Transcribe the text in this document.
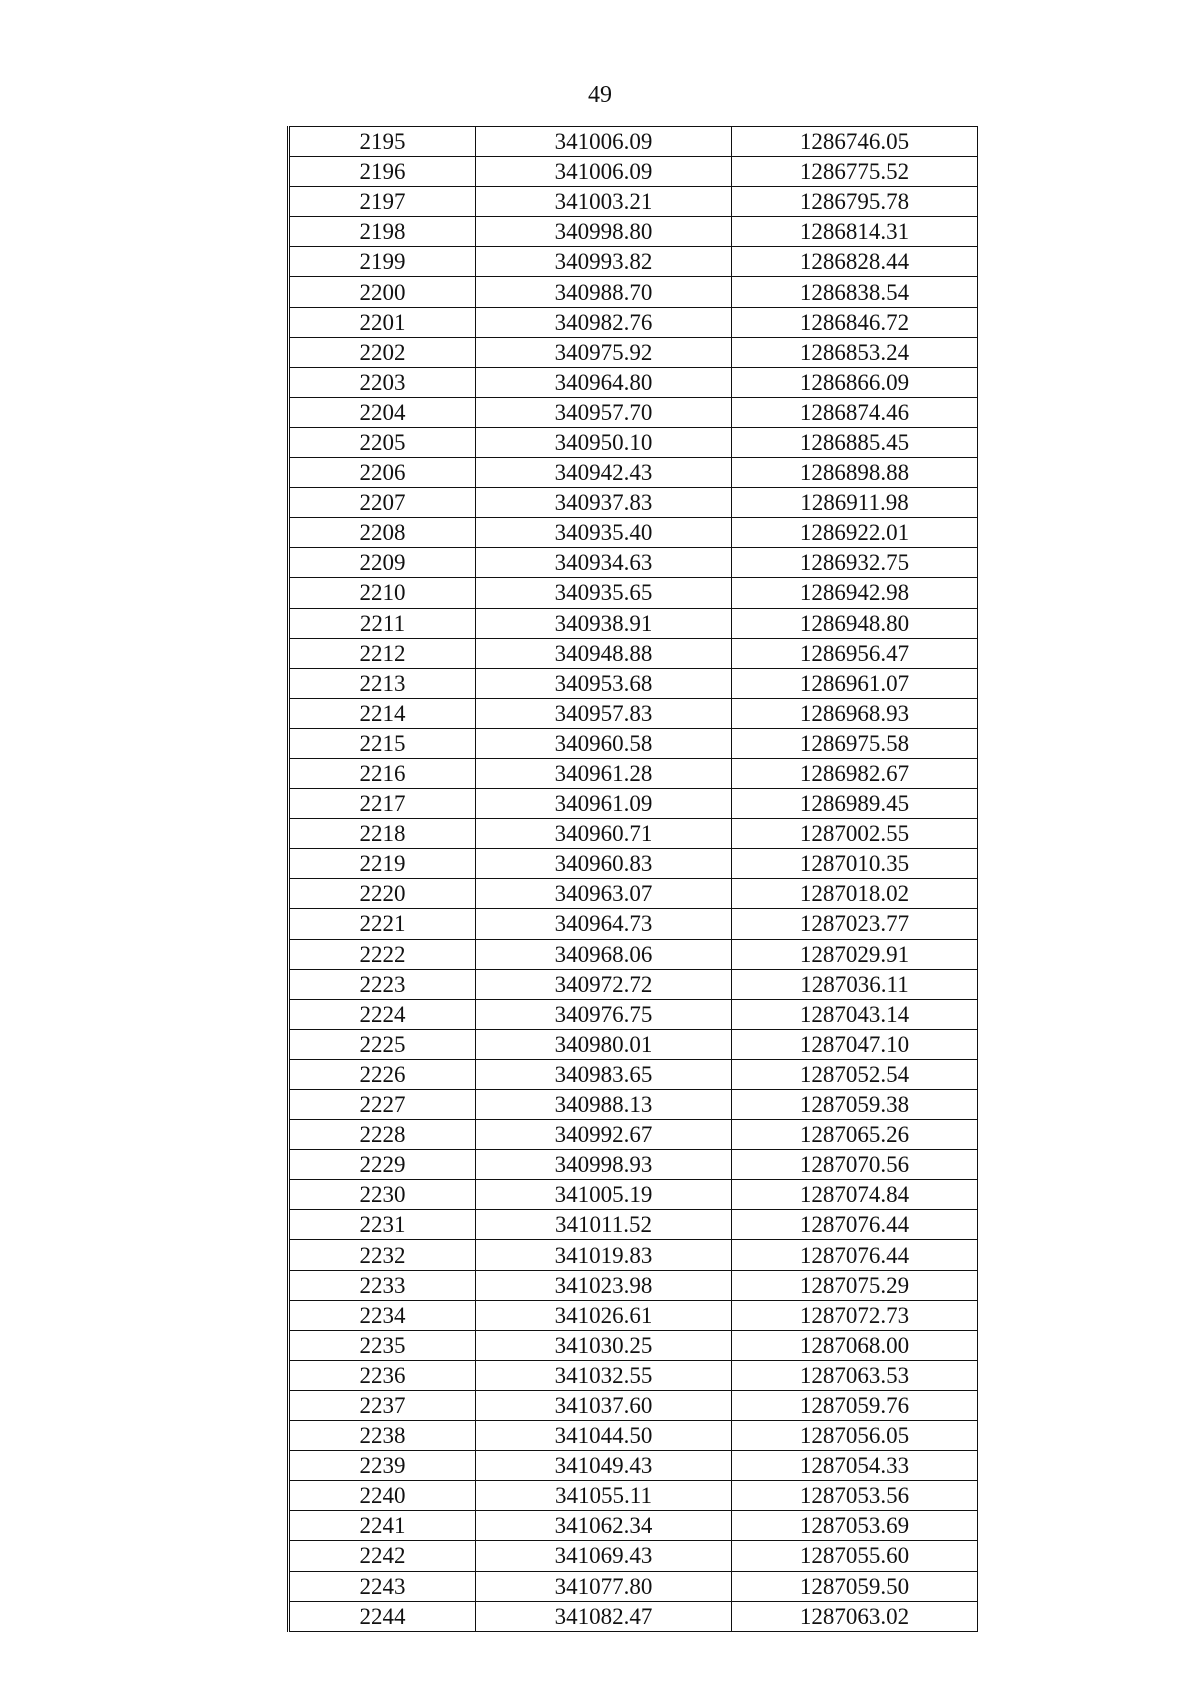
49
2195	341006.09	1286746.05
2196	341006.09	1286775.52
2197	341003.21	1286795.78
2198	340998.80	1286814.31
2199	340993.82	1286828.44
2200	340988.70	1286838.54
2201	340982.76	1286846.72
2202	340975.92	1286853.24
2203	340964.80	1286866.09
2204	340957.70	1286874.46
2205	340950.10	1286885.45
2206	340942.43	1286898.88
2207	340937.83	1286911.98
2208	340935.40	1286922.01
2209	340934.63	1286932.75
2210	340935.65	1286942.98
2211	340938.91	1286948.80
2212	340948.88	1286956.47
2213	340953.68	1286961.07
2214	340957.83	1286968.93
2215	340960.58	1286975.58
2216	340961.28	1286982.67
2217	340961.09	1286989.45
2218	340960.71	1287002.55
2219	340960.83	1287010.35
2220	340963.07	1287018.02
2221	340964.73	1287023.77
2222	340968.06	1287029.91
2223	340972.72	1287036.11
2224	340976.75	1287043.14
2225	340980.01	1287047.10
2226	340983.65	1287052.54
2227	340988.13	1287059.38
2228	340992.67	1287065.26
2229	340998.93	1287070.56
2230	341005.19	1287074.84
2231	341011.52	1287076.44
2232	341019.83	1287076.44
2233	341023.98	1287075.29
2234	341026.61	1287072.73
2235	341030.25	1287068.00
2236	341032.55	1287063.53
2237	341037.60	1287059.76
2238	341044.50	1287056.05
2239	341049.43	1287054.33
2240	341055.11	1287053.56
2241	341062.34	1287053.69
2242	341069.43	1287055.60
2243	341077.80	1287059.50
2244	341082.47	1287063.02
